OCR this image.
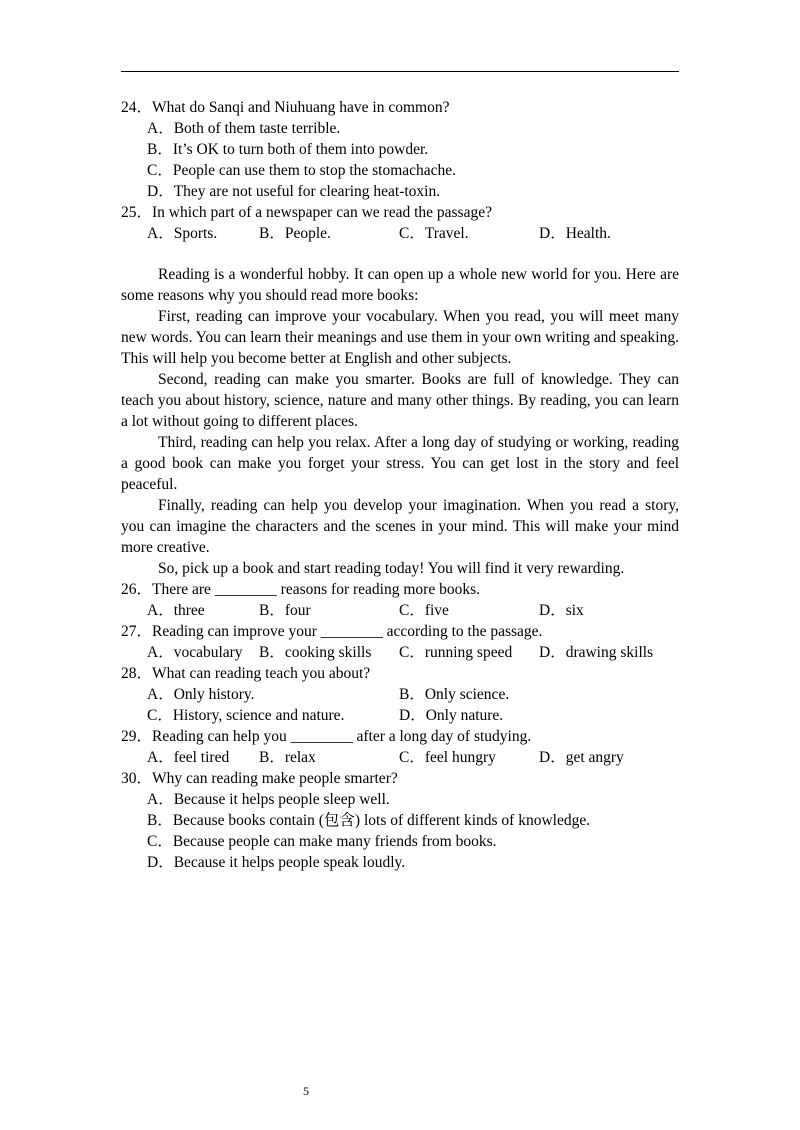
24．What do Sanqi and Niuhuang have in common?
A．Both of them taste terrible.
B．It’s OK to turn both of them into powder.
C．People can use them to stop the stomachache.
D．They are not useful for clearing heat-toxin.
25．In which part of a newspaper can we read the passage?
A．Sports.	B．People.	C．Travel.	D．Health.

Reading is a wonderful hobby. It can open up a whole new world for you. Here are some reasons why you should read more books:

First, reading can improve your vocabulary. When you read, you will meet many new words. You can learn their meanings and use them in your own writing and speaking. This will help you become better at English and other subjects.

Second, reading can make you smarter. Books are full of knowledge. They can teach you about history, science, nature and many other things. By reading, you can learn a lot without going to different places.

Third, reading can help you relax. After a long day of studying or working, reading a good book can make you forget your stress. You can get lost in the story and feel peaceful.

Finally, reading can help you develop your imagination. When you read a story, you can imagine the characters and the scenes in your mind. This will make your mind more creative.

So, pick up a book and start reading today! You will find it very rewarding.

26．There are ________ reasons for reading more books.
A．three	B．four	C．five	D．six
27．Reading can improve your ________ according to the passage.
A．vocabulary B．cooking skills C．running speed D．drawing skills
28．What can reading teach you about?
A．Only history.	B．Only science.
C．History, science and nature.	D．Only nature.
29．Reading can help you ________ after a long day of studying.
A．feel tired B．relax	C．feel hungry	D．get angry
30．Why can reading make people smarter?
A．Because it helps people sleep well.
B．Because books contain (包含) lots of different kinds of knowledge.
C．Because people can make many friends from books.
D．Because it helps people speak loudly.
5
